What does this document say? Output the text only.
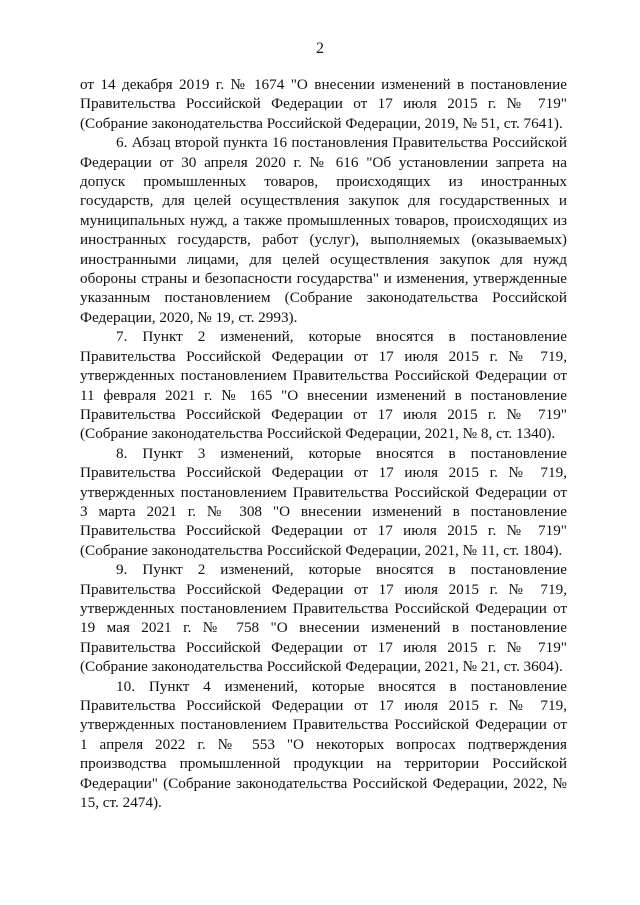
2

от 14 декабря 2019 г. № 1674 "О внесении изменений в постановление Правительства Российской Федерации от 17 июля 2015 г. № 719" (Собрание законодательства Российской Федерации, 2019, № 51, ст. 7641).

6. Абзац второй пункта 16 постановления Правительства Российской Федерации от 30 апреля 2020 г. № 616 "Об установлении запрета на допуск промышленных товаров, происходящих из иностранных государств, для целей осуществления закупок для государственных и муниципальных нужд, а также промышленных товаров, происходящих из иностранных государств, работ (услуг), выполняемых (оказываемых) иностранными лицами, для целей осуществления закупок для нужд обороны страны и безопасности государства" и изменения, утвержденные указанным постановлением (Собрание законодательства Российской Федерации, 2020, № 19, ст. 2993).

7. Пункт 2 изменений, которые вносятся в постановление Правительства Российской Федерации от 17 июля 2015 г. № 719, утвержденных постановлением Правительства Российской Федерации от 11 февраля 2021 г. № 165 "О внесении изменений в постановление Правительства Российской Федерации от 17 июля 2015 г. № 719" (Собрание законодательства Российской Федерации, 2021, № 8, ст. 1340).

8. Пункт 3 изменений, которые вносятся в постановление Правительства Российской Федерации от 17 июля 2015 г. № 719, утвержденных постановлением Правительства Российской Федерации от 3 марта 2021 г. № 308 "О внесении изменений в постановление Правительства Российской Федерации от 17 июля 2015 г. № 719" (Собрание законодательства Российской Федерации, 2021, № 11, ст. 1804).

9. Пункт 2 изменений, которые вносятся в постановление Правительства Российской Федерации от 17 июля 2015 г. № 719, утвержденных постановлением Правительства Российской Федерации от 19 мая 2021 г. № 758 "О внесении изменений в постановление Правительства Российской Федерации от 17 июля 2015 г. № 719" (Собрание законодательства Российской Федерации, 2021, № 21, ст. 3604).

10. Пункт 4 изменений, которые вносятся в постановление Правительства Российской Федерации от 17 июля 2015 г. № 719, утвержденных постановлением Правительства Российской Федерации от 1 апреля 2022 г. № 553 "О некоторых вопросах подтверждения производства промышленной продукции на территории Российской Федерации" (Собрание законодательства Российской Федерации, 2022, № 15, ст. 2474).
